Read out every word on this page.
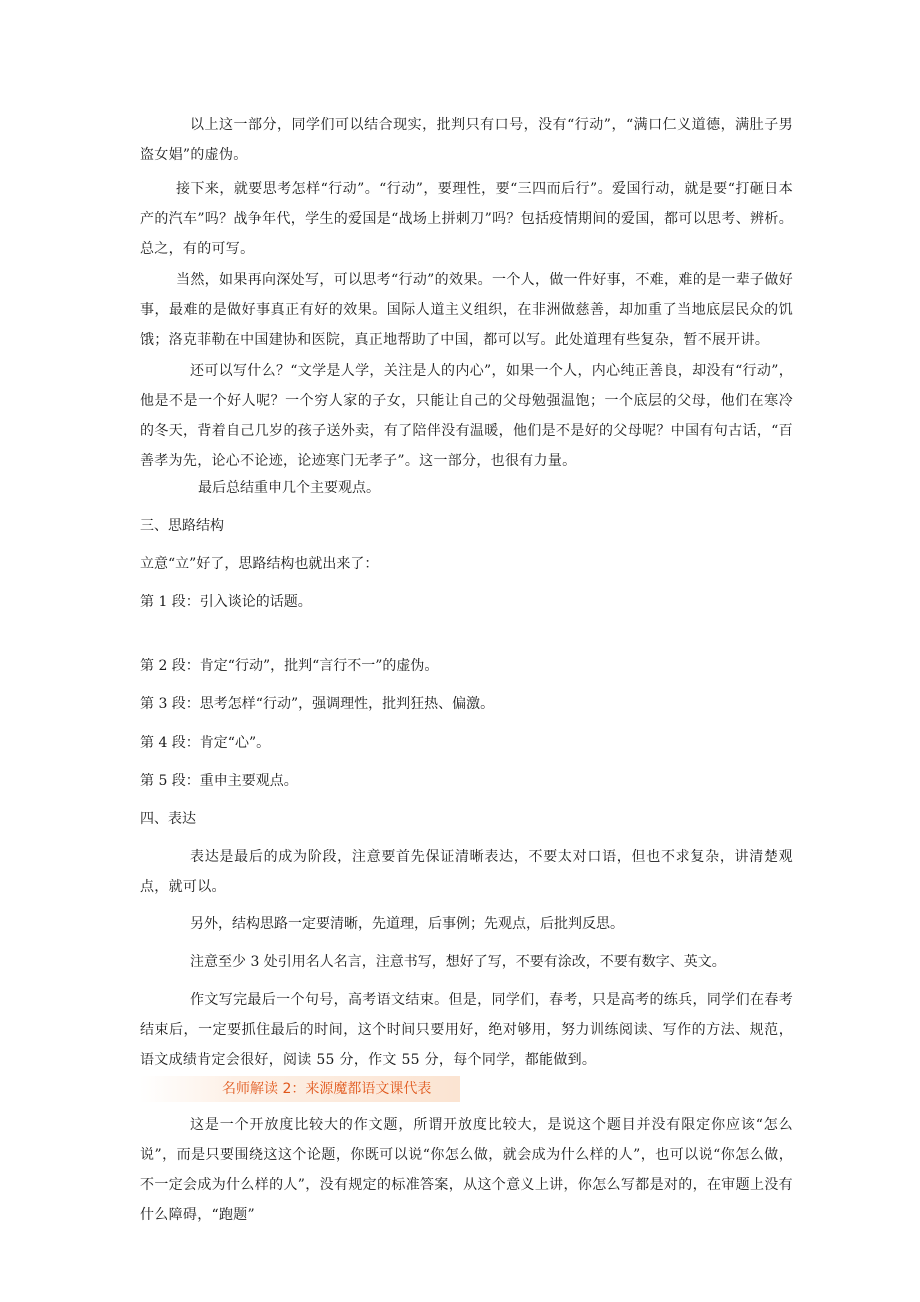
以上这一部分，同学们可以结合现实，批判只有口号，没有“行动”，“满口仁义道德，满肚子男盗女娼”的虚伪。

接下来，就要思考怎样“行动”。“行动”，要理性，要“三四而后行”。爱国行动，就是要“打砸日本产的汽车”吗？战争年代，学生的爱国是“战场上拼刺刀”吗？包括疫情期间的爱国，都可以思考、辨析。总之，有的可写。

当然，如果再向深处写，可以思考“行动”的效果。一个人，做一件好事，不难，难的是一辈子做好事，最难的是做好事真正有好的效果。国际人道主义组织，在非洲做慈善，却加重了当地底层民众的饥饿；洛克菲勒在中国建协和医院，真正地帮助了中国，都可以写。此处道理有些复杂，暂不展开讲。

还可以写什么？“文学是人学，关注是人的内心”，如果一个人，内心纯正善良，却没有“行动”，他是不是一个好人呢？一个穷人家的子女，只能让自己的父母勉强温饱；一个底层的父母，他们在寒冷的冬天，背着自己几岁的孩子送外卖，有了陪伴没有温暖，他们是不是好的父母呢？中国有句古话，“百善孝为先，论心不论迹，论迹寒门无孝子”。这一部分，也很有力量。

最后总结重申几个主要观点。

三、思路结构

立意“立”好了，思路结构也就出来了：

第 1 段：引入谈论的话题。

第 2 段：肯定“行动”，批判“言行不一”的虚伪。

第 3 段：思考怎样“行动”，强调理性，批判狂热、偏激。

第 4 段：肯定“心”。

第 5 段：重申主要观点。

四、表达

表达是最后的成为阶段，注意要首先保证清晰表达，不要太对口语，但也不求复杂，讲清楚观点，就可以。

另外，结构思路一定要清晰，先道理，后事例；先观点，后批判反思。

注意至少 3 处引用名人名言，注意书写，想好了写，不要有涂改，不要有数字、英文。

作文写完最后一个句号，高考语文结束。但是，同学们，春考，只是高考的练兵，同学们在春考结束后，一定要抓住最后的时间，这个时间只要用好，绝对够用，努力训练阅读、写作的方法、规范，语文成绩肯定会很好，阅读 55 分，作文 55 分，每个同学，都能做到。

名师解读 2：来源魔都语文课代表

这是一个开放度比较大的作文题，所谓开放度比较大，是说这个题目并没有限定你应该“怎么说”，而是只要围绕这这个论题，你既可以说“你怎么做，就会成为什么样的人”，也可以说“你怎么做，不一定会成为什么样的人”，没有规定的标准答案，从这个意义上讲，你怎么写都是对的，在审题上没有什么障碍，“跑题”
